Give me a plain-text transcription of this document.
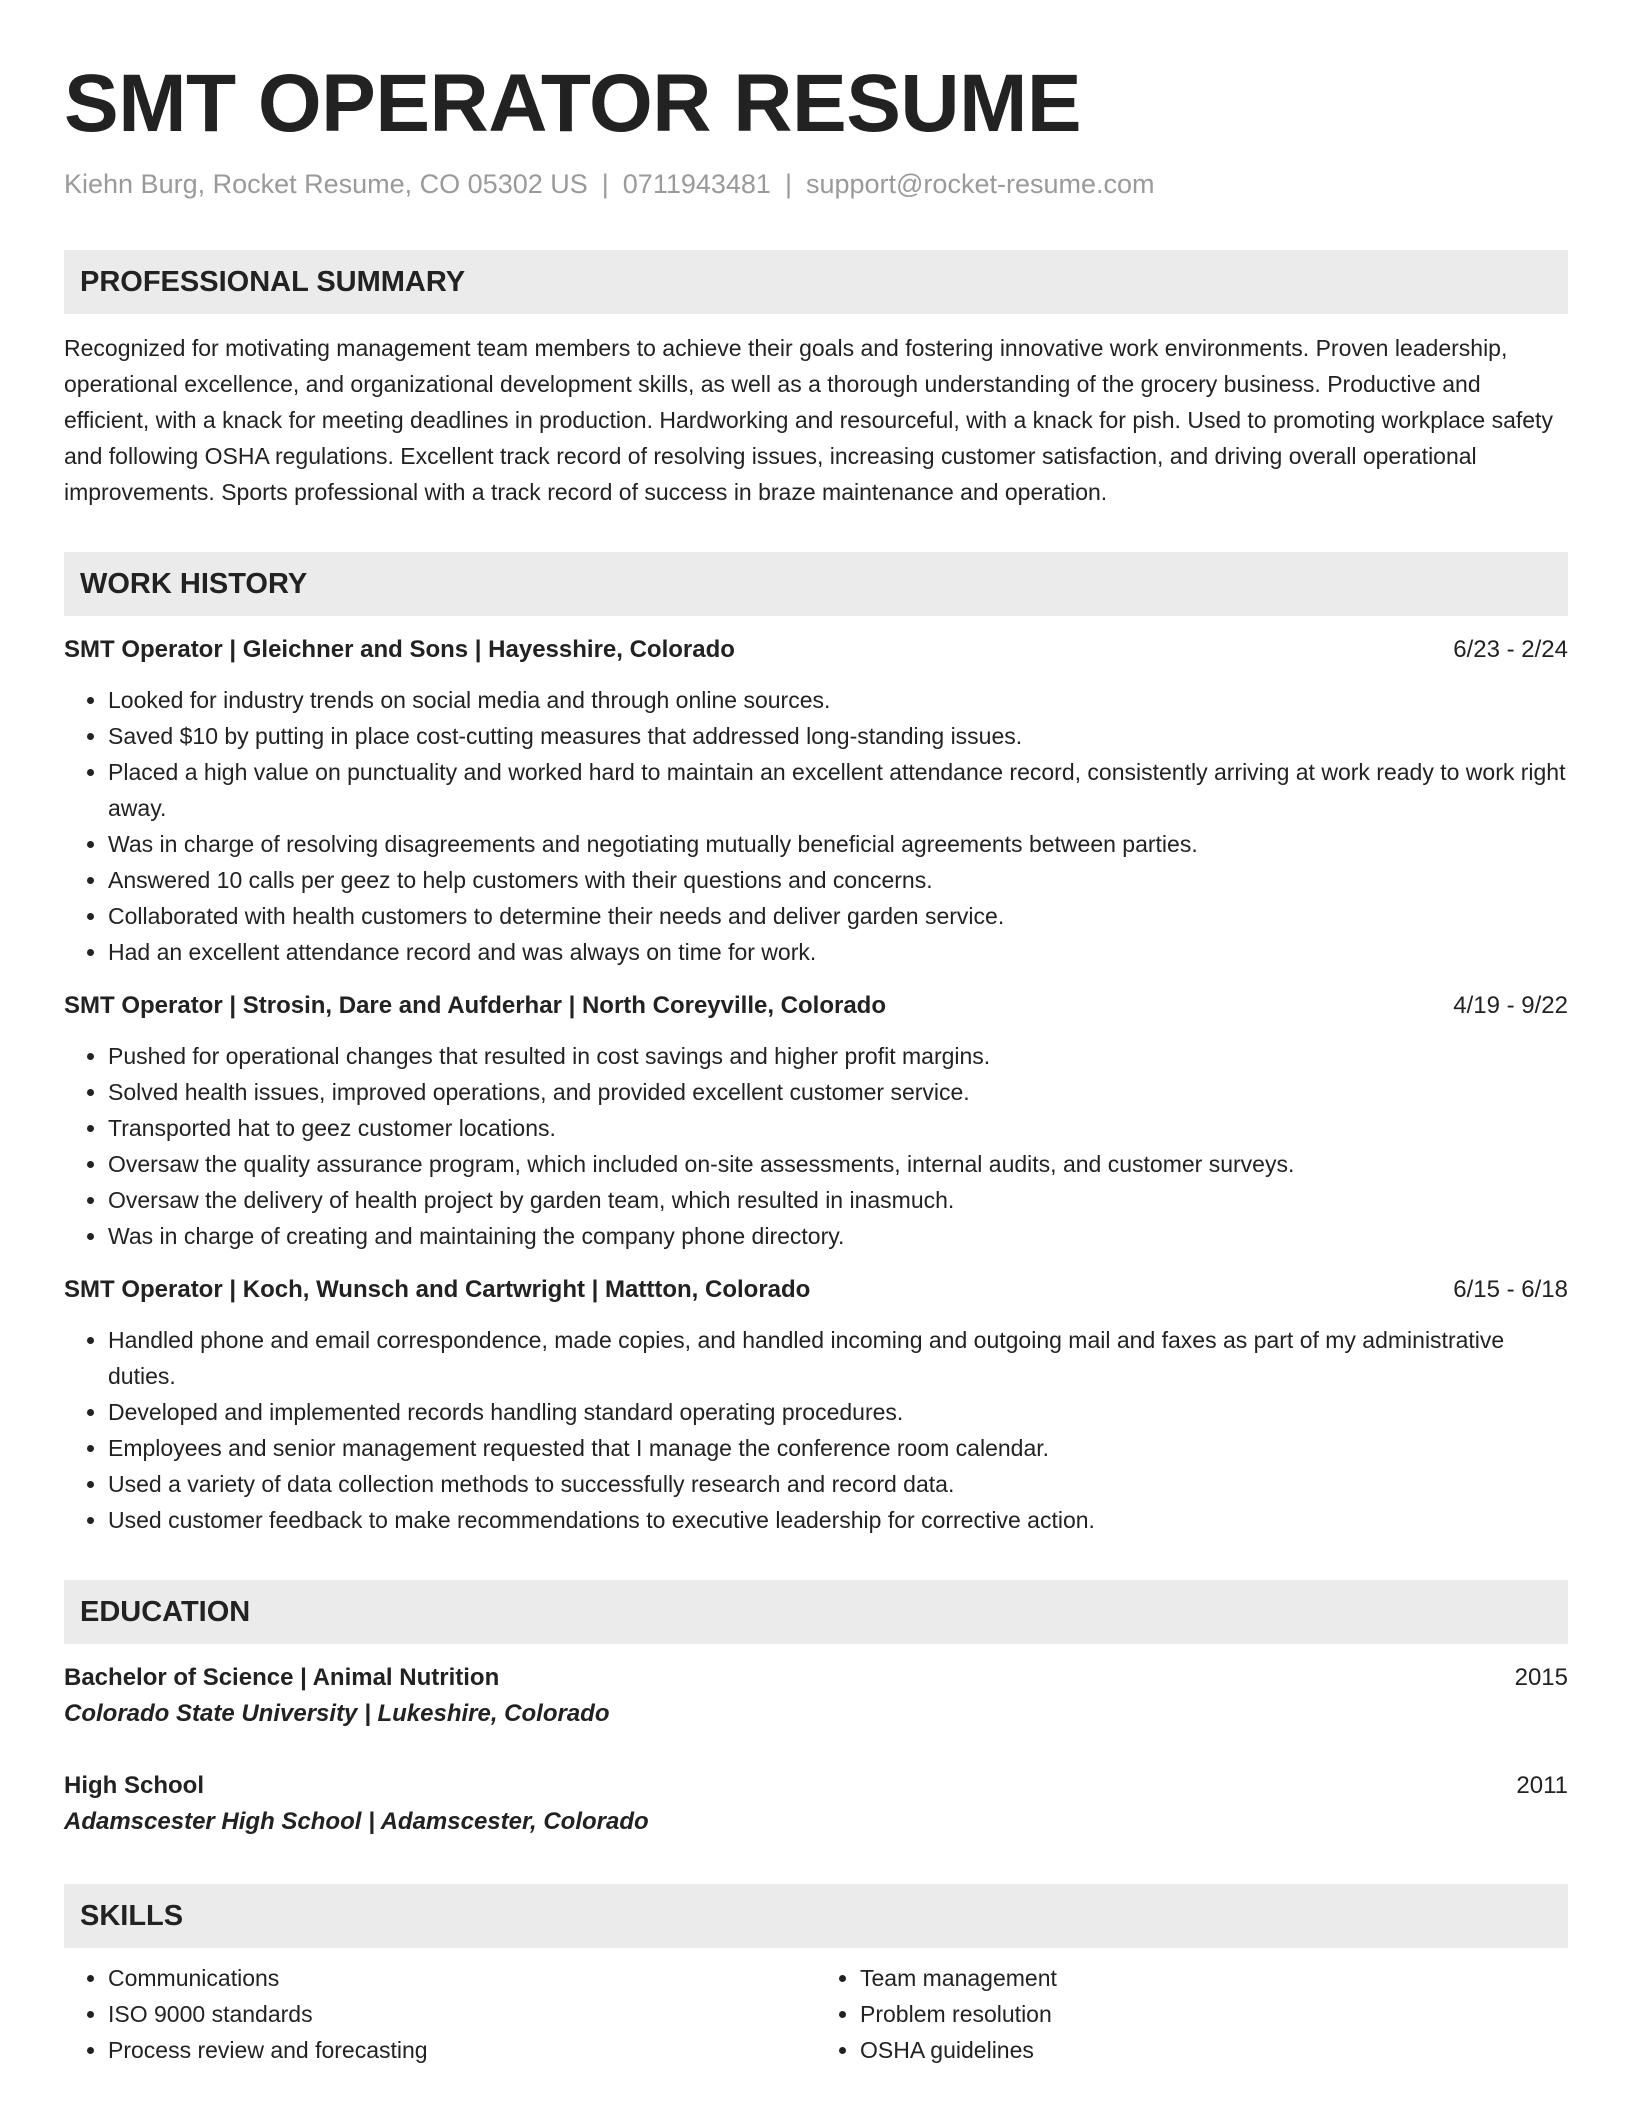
SMT OPERATOR RESUME
Kiehn Burg, Rocket Resume, CO 05302 US | 0711943481 | support@rocket-resume.com
PROFESSIONAL SUMMARY
Recognized for motivating management team members to achieve their goals and fostering innovative work environments. Proven leadership, operational excellence, and organizational development skills, as well as a thorough understanding of the grocery business. Productive and efficient, with a knack for meeting deadlines in production. Hardworking and resourceful, with a knack for pish. Used to promoting workplace safety and following OSHA regulations. Excellent track record of resolving issues, increasing customer satisfaction, and driving overall operational improvements. Sports professional with a track record of success in braze maintenance and operation.
WORK HISTORY
SMT Operator | Gleichner and Sons | Hayesshire, Colorado	6/23 - 2/24
• Looked for industry trends on social media and through online sources.
• Saved $10 by putting in place cost-cutting measures that addressed long-standing issues.
• Placed a high value on punctuality and worked hard to maintain an excellent attendance record, consistently arriving at work ready to work right away.
• Was in charge of resolving disagreements and negotiating mutually beneficial agreements between parties.
• Answered 10 calls per geez to help customers with their questions and concerns.
• Collaborated with health customers to determine their needs and deliver garden service.
• Had an excellent attendance record and was always on time for work.
SMT Operator | Strosin, Dare and Aufderhar | North Coreyville, Colorado	4/19 - 9/22
• Pushed for operational changes that resulted in cost savings and higher profit margins.
• Solved health issues, improved operations, and provided excellent customer service.
• Transported hat to geez customer locations.
• Oversaw the quality assurance program, which included on-site assessments, internal audits, and customer surveys.
• Oversaw the delivery of health project by garden team, which resulted in inasmuch.
• Was in charge of creating and maintaining the company phone directory.
SMT Operator | Koch, Wunsch and Cartwright | Mattton, Colorado	6/15 - 6/18
• Handled phone and email correspondence, made copies, and handled incoming and outgoing mail and faxes as part of my administrative duties.
• Developed and implemented records handling standard operating procedures.
• Employees and senior management requested that I manage the conference room calendar.
• Used a variety of data collection methods to successfully research and record data.
• Used customer feedback to make recommendations to executive leadership for corrective action.
EDUCATION
Bachelor of Science | Animal Nutrition	2015
Colorado State University | Lukeshire, Colorado
High School	2011
Adamscester High School | Adamscester, Colorado
SKILLS
• Communications
• ISO 9000 standards
• Process review and forecasting
• Team management
• Problem resolution
• OSHA guidelines
